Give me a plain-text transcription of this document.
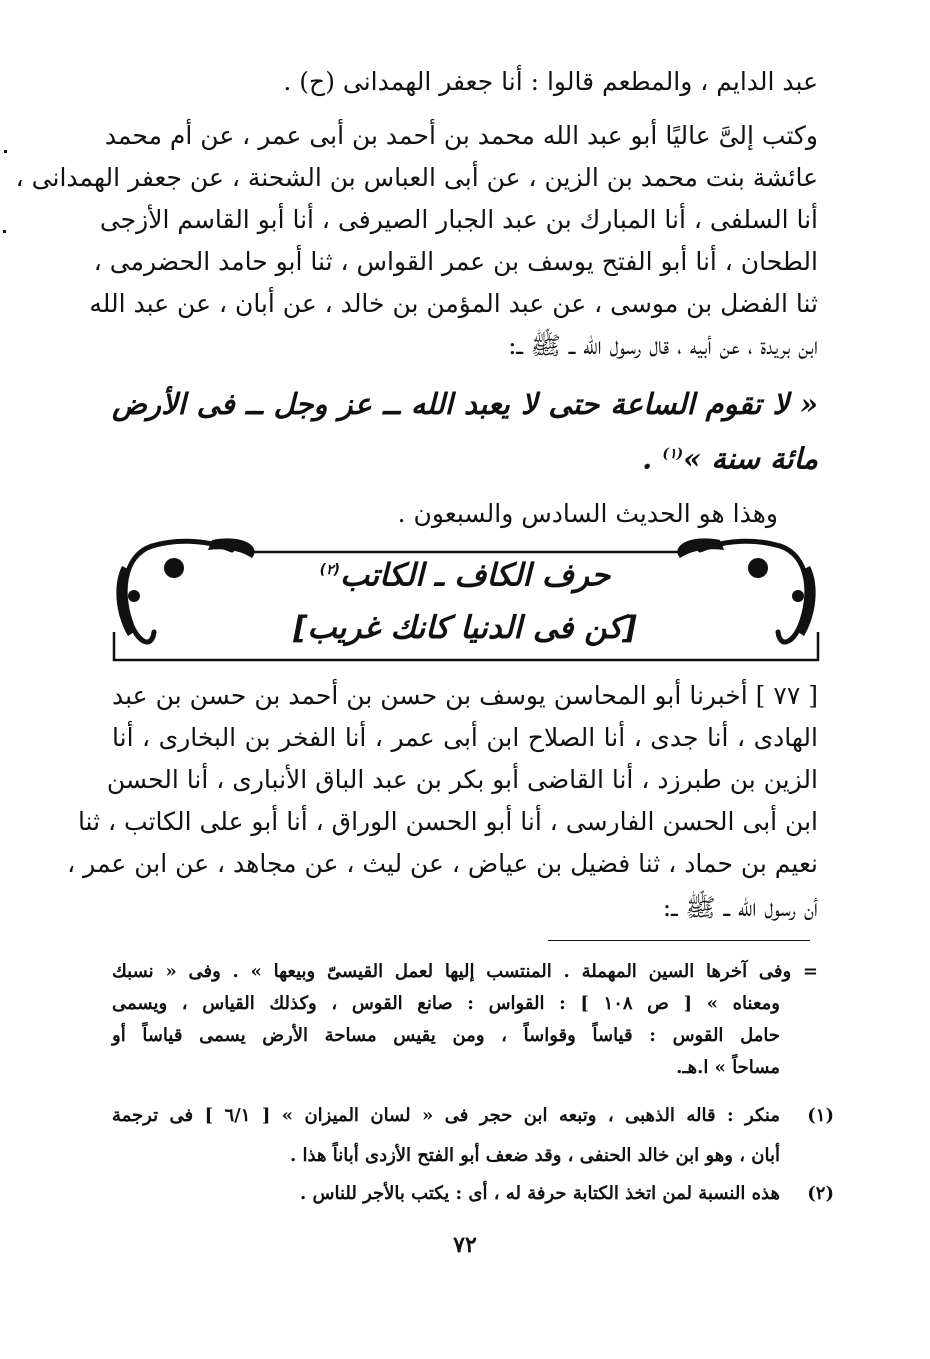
عبد الدايم ، والمطعم قالوا : أنا جعفر الهمدانى (ح) .
وكتب إلىَّ عاليًا أبو عبد الله محمد بن أحمد بن أبى عمر ، عن أم محمد
عائشة بنت محمد بن الزين ، عن أبى العباس بن الشحنة ، عن جعفر الهمدانى ،
أنا السلفى ، أنا المبارك بن عبد الجبار الصيرفى ، أنا أبو القاسم الأزجى
الطحان ، أنا أبو الفتح يوسف بن عمر القواس ، ثنا أبو حامد الحضرمى ،
ثنا الفضل بن موسى ، عن عبد المؤمن بن خالد ، عن أبان ، عن عبد الله
ابن بريدة ، عن أبيه ، قال رسول الله ــ ﷺ ــ:
« لا تقوم الساعة حتى لا يعبد الله ــ عز وجل ــ فى الأرض
مائة سنة »$^{(١)}$ .
وهذا هو الحديث السادس والسبعون .
حرف الكاف ـ الكاتب$^{(٢)}$
[كن فى الدنيا كانك غريب]
[ ٧٧ ] أخبرنا أبو المحاسن يوسف بن حسن بن أحمد بن حسن بن عبد
الهادى ، أنا جدى ، أنا الصلاح ابن أبى عمر ، أنا الفخر بن البخارى ، أنا
الزين بن طبرزد ، أنا القاضى أبو بكر بن عبد الباق الأنبارى ، أنا الحسن
ابن أبى الحسن الفارسى ، أنا أبو الحسن الوراق ، أنا أبو على الكاتب ، ثنا
نعيم بن حماد ، ثنا فضيل بن عياض ، عن ليث ، عن مجاهد ، عن ابن عمر ،
أن رسول الله ــ ﷺ ــ:
= وفى آخرها السين المهملة . المنتسب إليها لعمل القيسىّ وبيعها » . وفى « نسبك
ومعناه » [ ص ١٠٨ ] : القواس : صانع القوس ، وكذلك القياس ، ويسمى
حامل القوس : قياساً وقواساً ، ومن يقيس مساحة الأرض يسمى قياساً أو
مساحاً » ا.هـ.
(١)
منكر : قاله الذهبى ، وتبعه ابن حجر فى « لسان الميزان » [ ٦/١ ] فى ترجمة
أبان ، وهو ابن خالد الحنفى ، وقد ضعف أبو الفتح الأزدى أباناً هذا .
(٢)
هذه النسبة لمن اتخذ الكتابة حرفة له ، أى : يكتب بالأجر للناس .
٧٢
